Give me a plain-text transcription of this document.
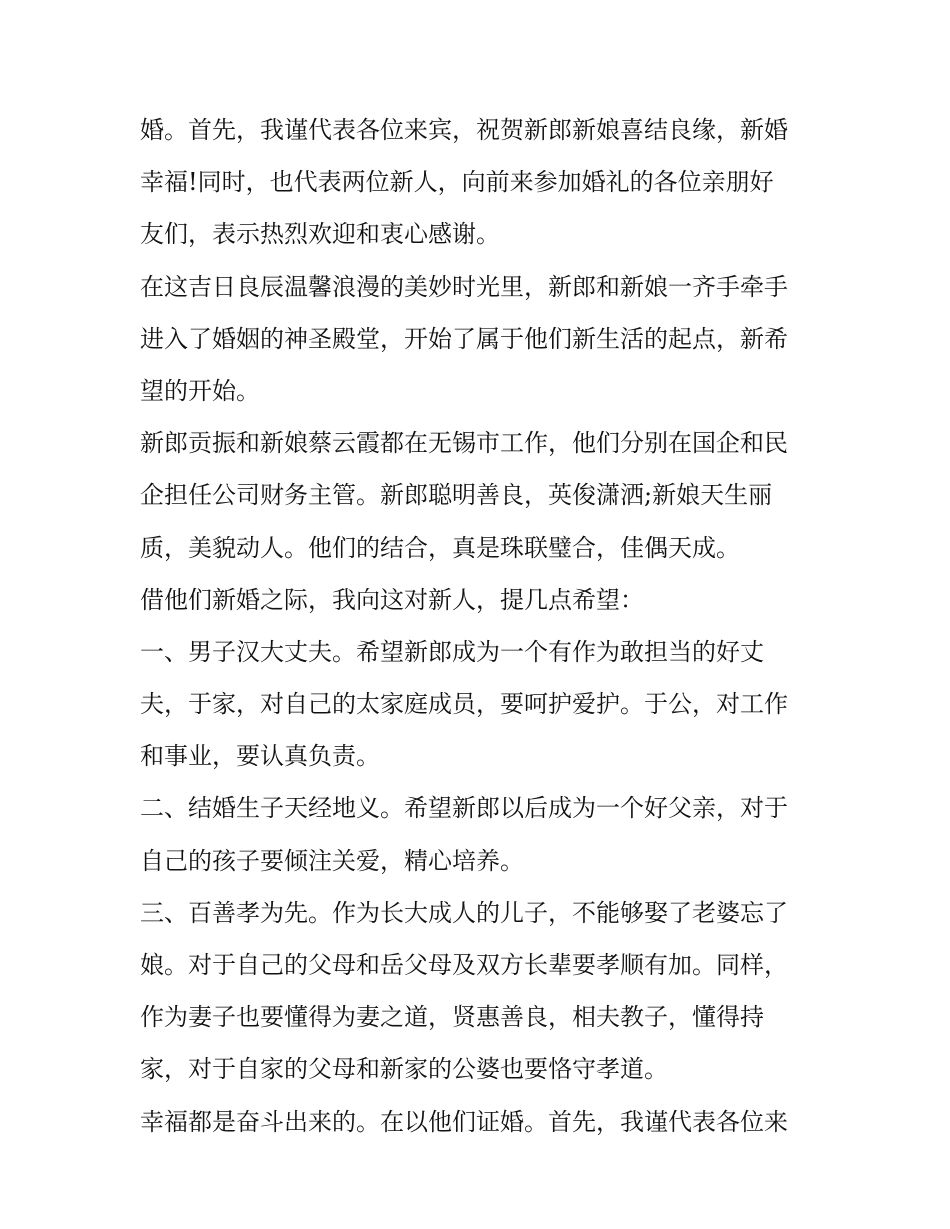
婚。首先，我谨代表各位来宾，祝贺新郎新娘喜结良缘，新婚
幸福!同时，也代表两位新人，向前来参加婚礼的各位亲朋好
友们，表示热烈欢迎和衷心感谢。
在这吉日良辰温馨浪漫的美妙时光里，新郎和新娘一齐手牵手
进入了婚姻的神圣殿堂，开始了属于他们新生活的起点，新希
望的开始。
新郎贡振和新娘蔡云霞都在无锡市工作，他们分别在国企和民
企担任公司财务主管。新郎聪明善良，英俊潇洒;新娘天生丽
质，美貌动人。他们的结合，真是珠联璧合，佳偶天成。
借他们新婚之际，我向这对新人，提几点希望：
一、男子汉大丈夫。希望新郎成为一个有作为敢担当的好丈
夫，于家，对自己的太家庭成员，要呵护爱护。于公，对工作
和事业，要认真负责。
二、结婚生子天经地义。希望新郎以后成为一个好父亲，对于
自己的孩子要倾注关爱，精心培养。
三、百善孝为先。作为长大成人的儿子，不能够娶了老婆忘了
娘。对于自己的父母和岳父母及双方长辈要孝顺有加。同样，
作为妻子也要懂得为妻之道，贤惠善良，相夫教子，懂得持
家，对于自家的父母和新家的公婆也要恪守孝道。
幸福都是奋斗出来的。在以他们证婚。首先，我谨代表各位来
